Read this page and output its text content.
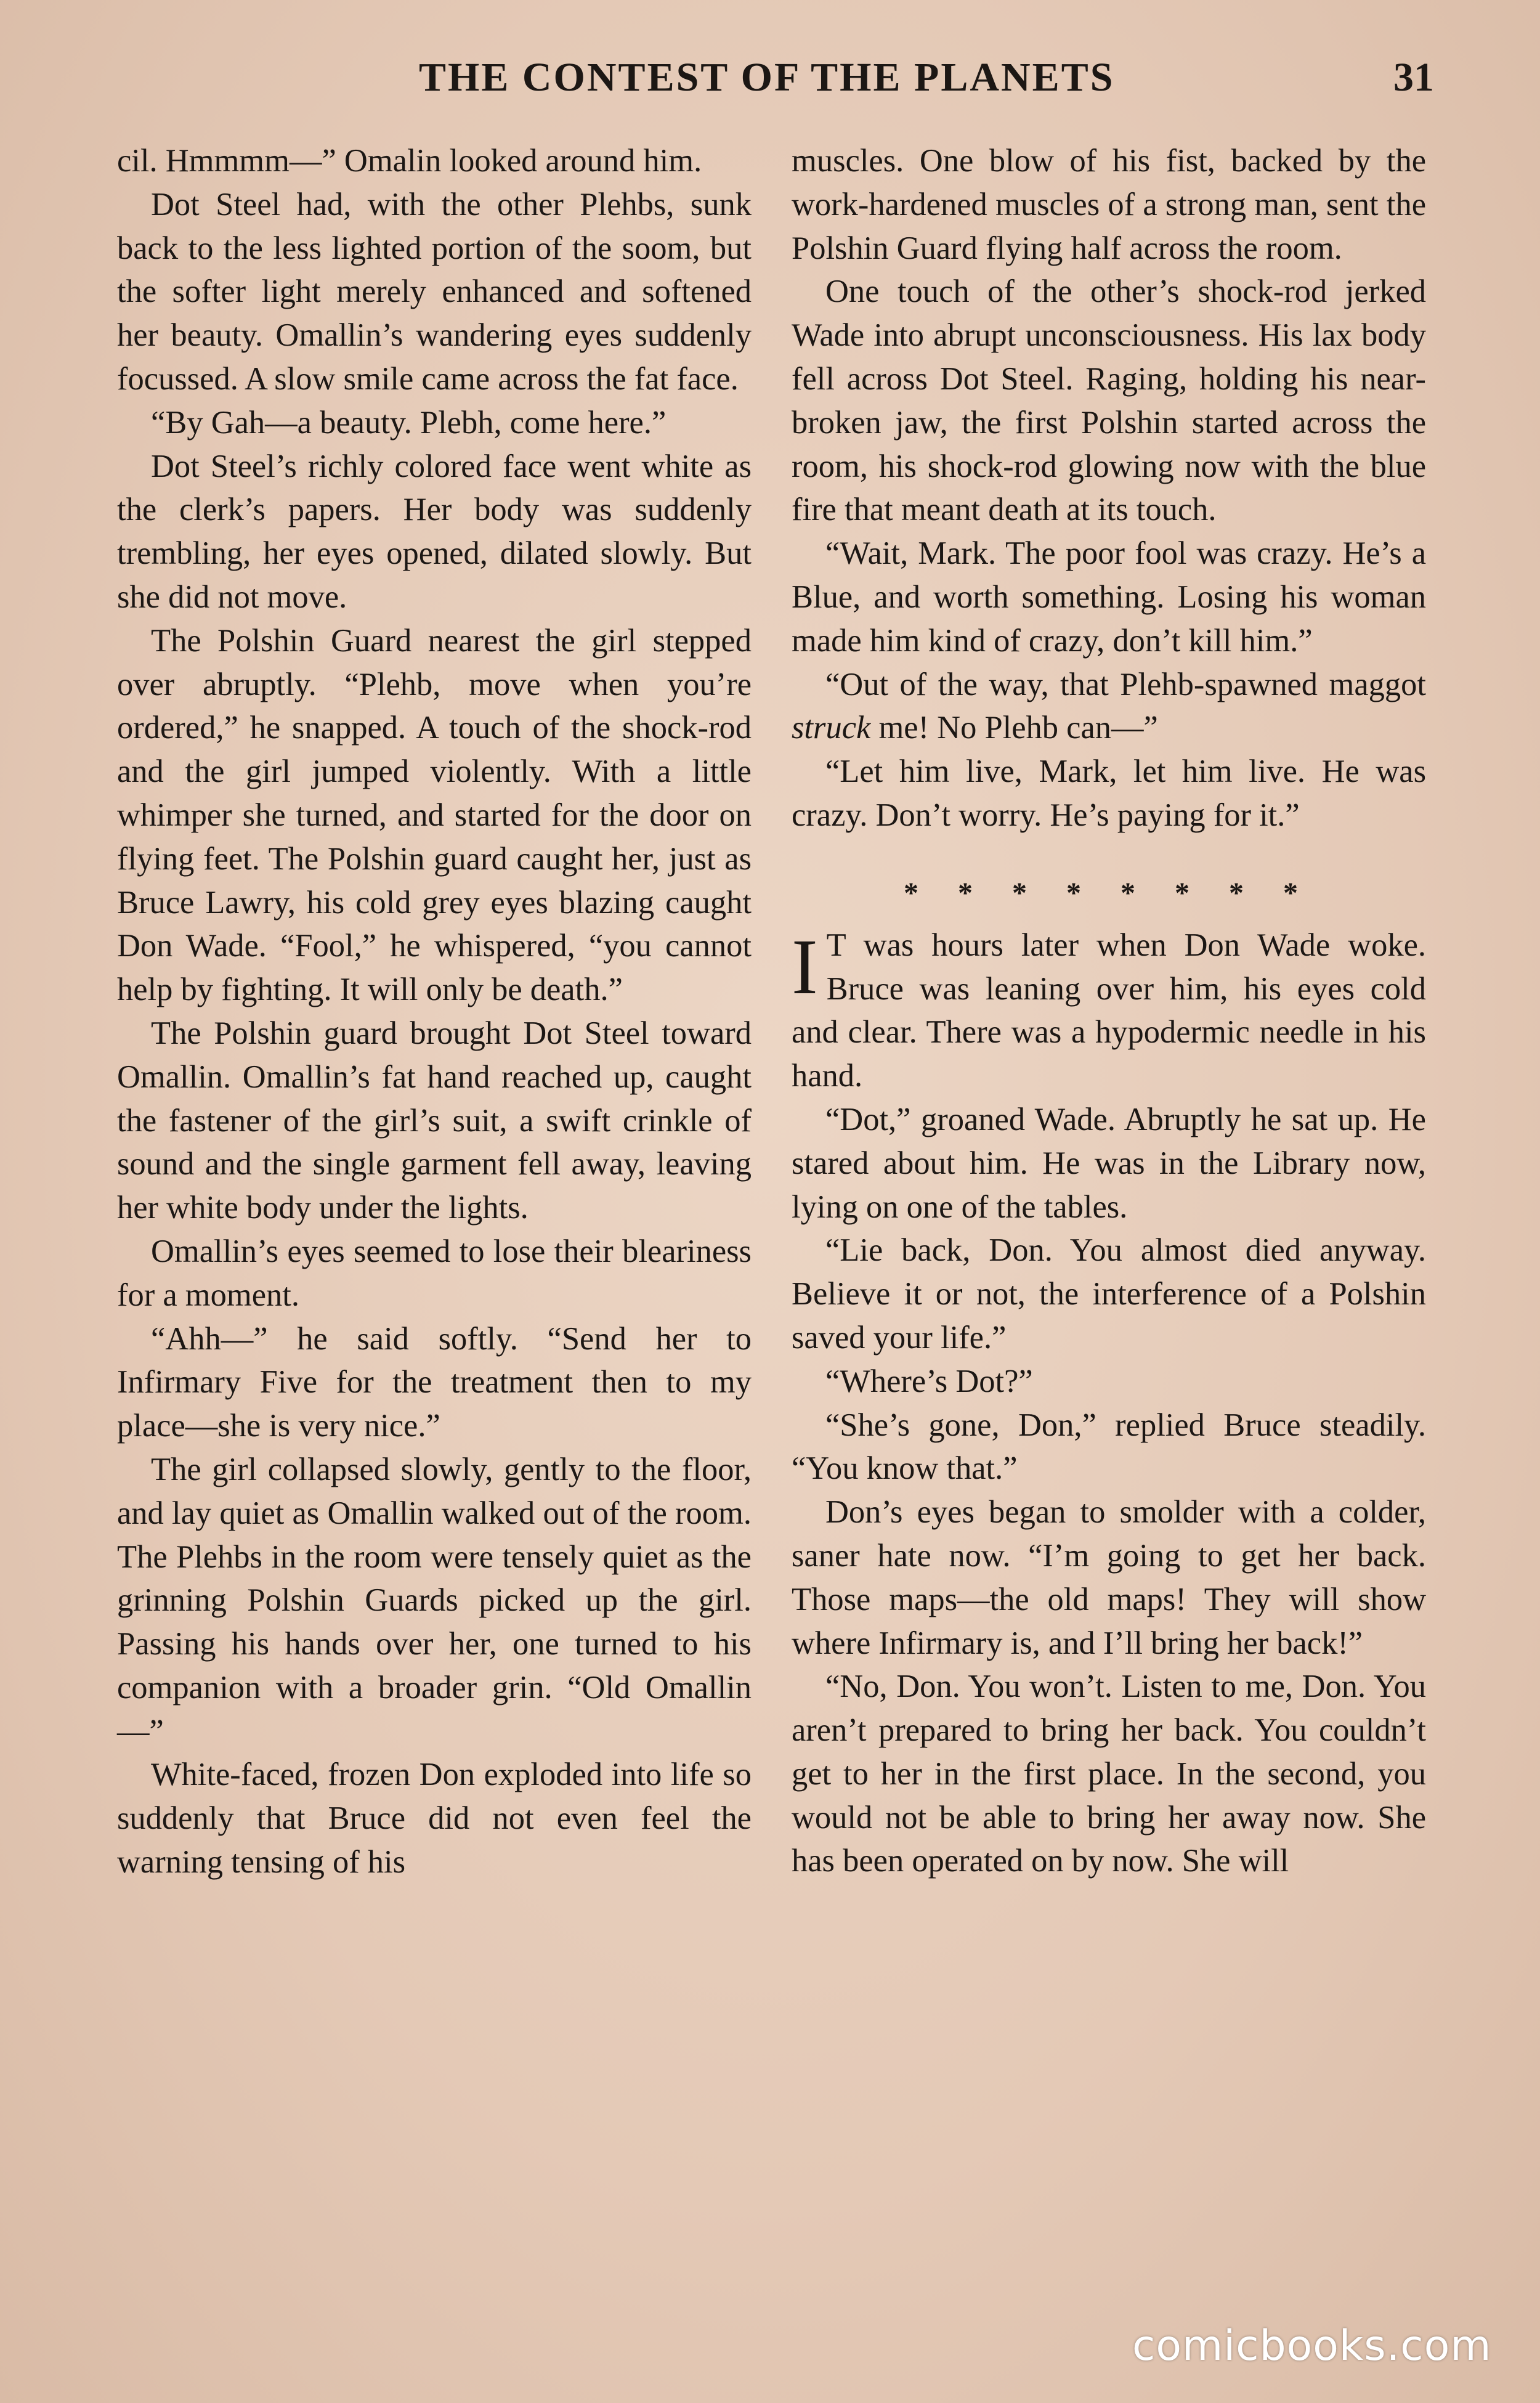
THE CONTEST OF THE PLANETS	31

cil. Hmmmm—” Omalin looked around him.

Dot Steel had, with the other Plehbs, sunk back to the less lighted portion of the soom, but the softer light merely enhanced and softened her beauty. Omallin’s wandering eyes suddenly focussed. A slow smile came across the fat face.

“By Gah—a beauty. Plebh, come here.”

Dot Steel’s richly colored face went white as the clerk’s papers. Her body was suddenly trembling, her eyes opened, dilated slowly. But she did not move.

The Polshin Guard nearest the girl stepped over abruptly. “Plehb, move when you’re ordered,” he snapped. A touch of the shock-rod and the girl jumped violently. With a little whimper she turned, and started for the door on flying feet. The Polshin guard caught her, just as Bruce Lawry, his cold grey eyes blazing caught Don Wade. “Fool,” he whispered, “you cannot help by fighting. It will only be death.”

The Polshin guard brought Dot Steel toward Omallin. Omallin’s fat hand reached up, caught the fastener of the girl’s suit, a swift crinkle of sound and the single garment fell away, leaving her white body under the lights.

Omallin’s eyes seemed to lose their bleariness for a moment.

“Ahh—” he said softly. “Send her to Infirmary Five for the treatment then to my place—she is very nice.”

The girl collapsed slowly, gently to the floor, and lay quiet as Omallin walked out of the room. The Plehbs in the room were tensely quiet as the grinning Polshin Guards picked up the girl. Passing his hands over her, one turned to his companion with a broader grin. “Old Omallin—”

White-faced, frozen Don exploded into life so suddenly that Bruce did not even feel the warning tensing of his

muscles. One blow of his fist, backed by the work-hardened muscles of a strong man, sent the Polshin Guard flying half across the room.

One touch of the other’s shock-rod jerked Wade into abrupt unconsciousness. His lax body fell across Dot Steel. Raging, holding his near-broken jaw, the first Polshin started across the room, his shock-rod glowing now with the blue fire that meant death at its touch.

“Wait, Mark. The poor fool was crazy. He’s a Blue, and worth something. Losing his woman made him kind of crazy, don’t kill him.”

“Out of the way, that Plehb-spawned maggot struck me! No Plehb can—”

“Let him live, Mark, let him live. He was crazy. Don’t worry. He’s paying for it.”

* * * * * * * *

I T was hours later when Don Wade woke. Bruce was leaning over him, his eyes cold and clear. There was a hypodermic needle in his hand.

“Dot,” groaned Wade. Abruptly he sat up. He stared about him. He was in the Library now, lying on one of the tables.

“Lie back, Don. You almost died anyway. Believe it or not, the interference of a Polshin saved your life.”

“Where’s Dot?”

“She’s gone, Don,” replied Bruce steadily. “You know that.”

Don’s eyes began to smolder with a colder, saner hate now. “I’m going to get her back. Those maps—the old maps! They will show where Infirmary is, and I’ll bring her back!”

“No, Don. You won’t. Listen to me, Don. You aren’t prepared to bring her back. You couldn’t get to her in the first place. In the second, you would not be able to bring her away now. She has been operated on by now. She will

comicbooks.com
